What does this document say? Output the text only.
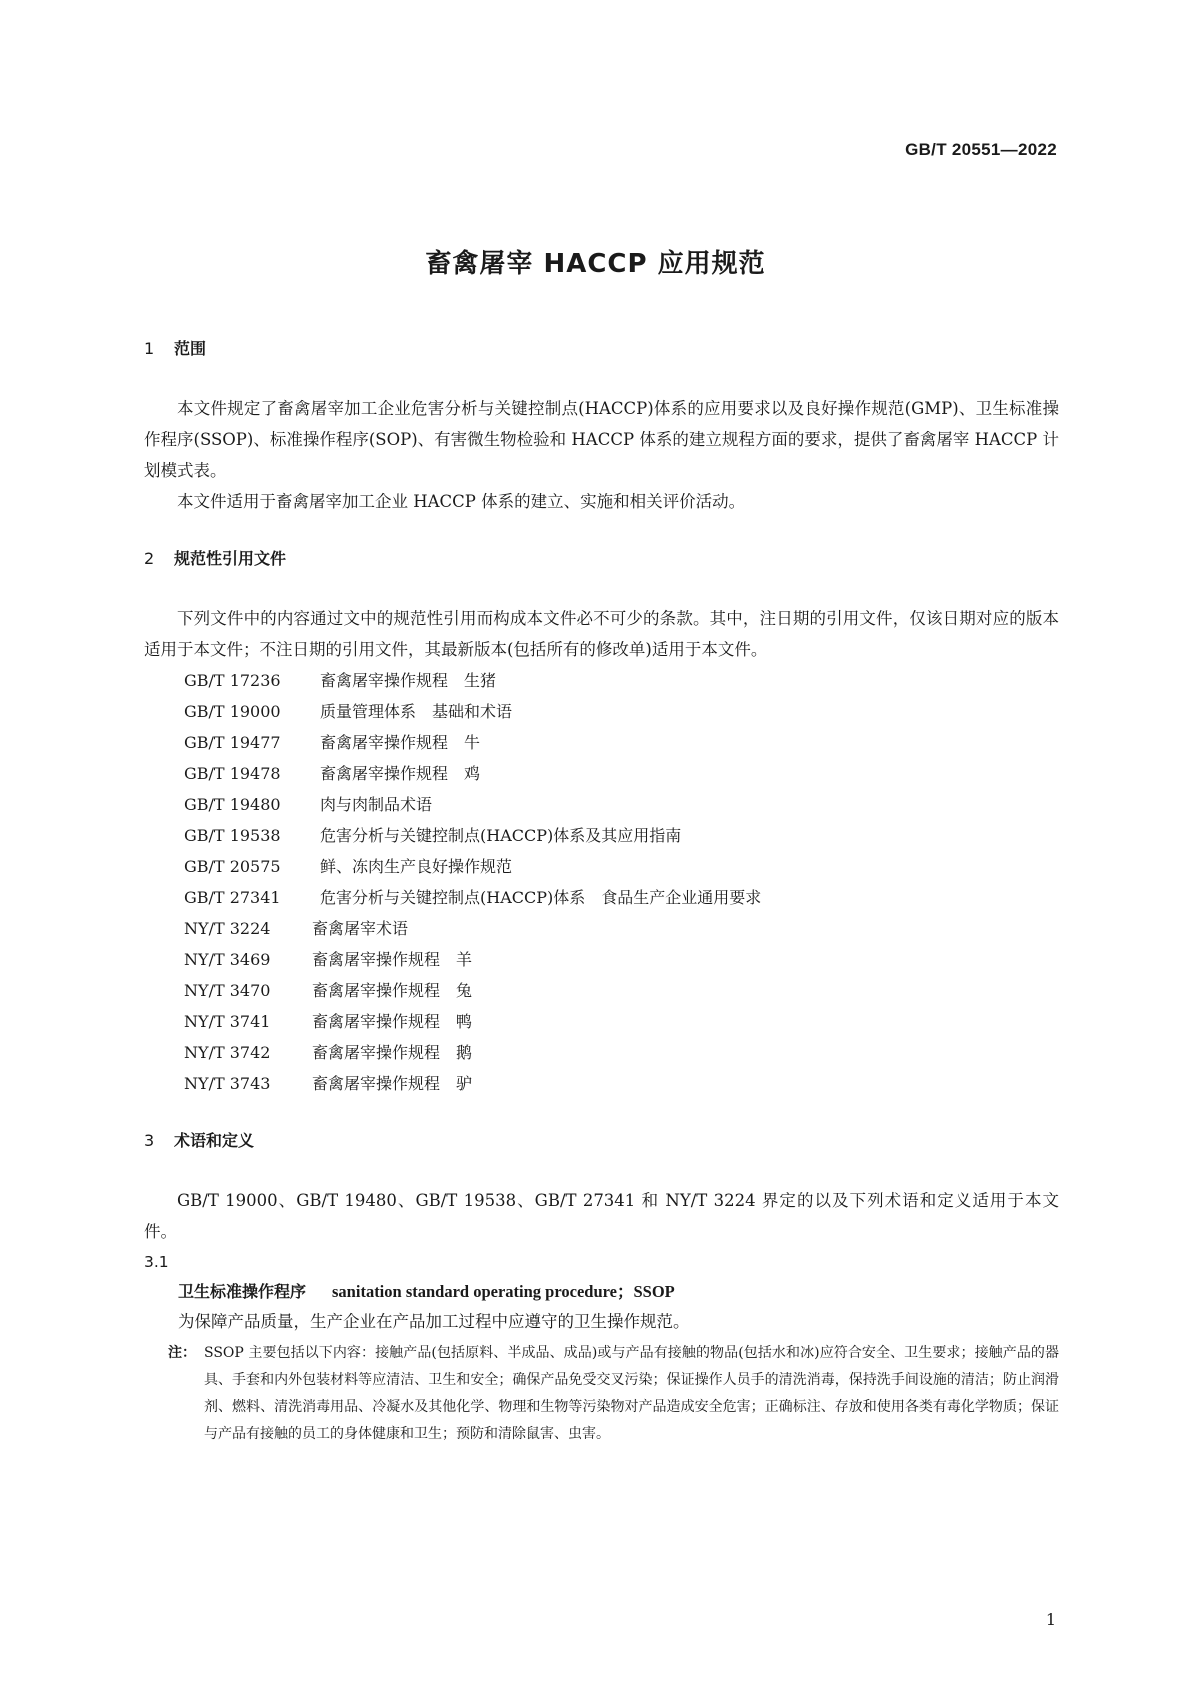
GB/T 20551—2022
畜禽屠宰 HACCP 应用规范
1 范围

本文件规定了畜禽屠宰加工企业危害分析与关键控制点(HACCP)体系的应用要求以及良好操作规范(GMP)、卫生标准操作程序(SSOP)、标准操作程序(SOP)、有害微生物检验和 HACCP 体系的建立规程方面的要求，提供了畜禽屠宰 HACCP 计划模式表。

本文件适用于畜禽屠宰加工企业 HACCP 体系的建立、实施和相关评价活动。

2 规范性引用文件

下列文件中的内容通过文中的规范性引用而构成本文件必不可少的条款。其中，注日期的引用文件，仅该日期对应的版本适用于本文件；不注日期的引用文件，其最新版本(包括所有的修改单)适用于本文件。

GB/T 17236 畜禽屠宰操作规程　生猪
GB/T 19000 质量管理体系　基础和术语
GB/T 19477 畜禽屠宰操作规程　牛
GB/T 19478 畜禽屠宰操作规程　鸡
GB/T 19480 肉与肉制品术语
GB/T 19538 危害分析与关键控制点(HACCP)体系及其应用指南
GB/T 20575 鲜、冻肉生产良好操作规范
GB/T 27341 危害分析与关键控制点(HACCP)体系　食品生产企业通用要求
NY/T 3224	畜禽屠宰术语
NY/T 3469	畜禽屠宰操作规程　羊
NY/T 3470	畜禽屠宰操作规程　兔
NY/T 3741	畜禽屠宰操作规程　鸭
NY/T 3742	畜禽屠宰操作规程　鹅
NY/T 3743	畜禽屠宰操作规程　驴
3 术语和定义

GB/T 19000、GB/T 19480、GB/T 19538、GB/T 27341 和 NY/T 3224 界定的以及下列术语和定义适用于本文件。

3.1
卫生标准操作程序 sanitation standard operating procedure；SSOP
为保障产品质量，生产企业在产品加工过程中应遵守的卫生操作规范。
注： SSOP 主要包括以下内容：接触产品(包括原料、半成品、成品)或与产品有接触的物品(包括水和冰)应符合安全、卫生要求；接触产品的器具、手套和内外包装材料等应清洁、卫生和安全；确保产品免受交叉污染；保证操作人员手的清洗消毒，保持洗手间设施的清洁；防止润滑剂、燃料、清洗消毒用品、冷凝水及其他化学、物理和生物等污染物对产品造成安全危害；正确标注、存放和使用各类有毒化学物质；保证与产品有接触的员工的身体健康和卫生；预防和清除鼠害、虫害。
1
